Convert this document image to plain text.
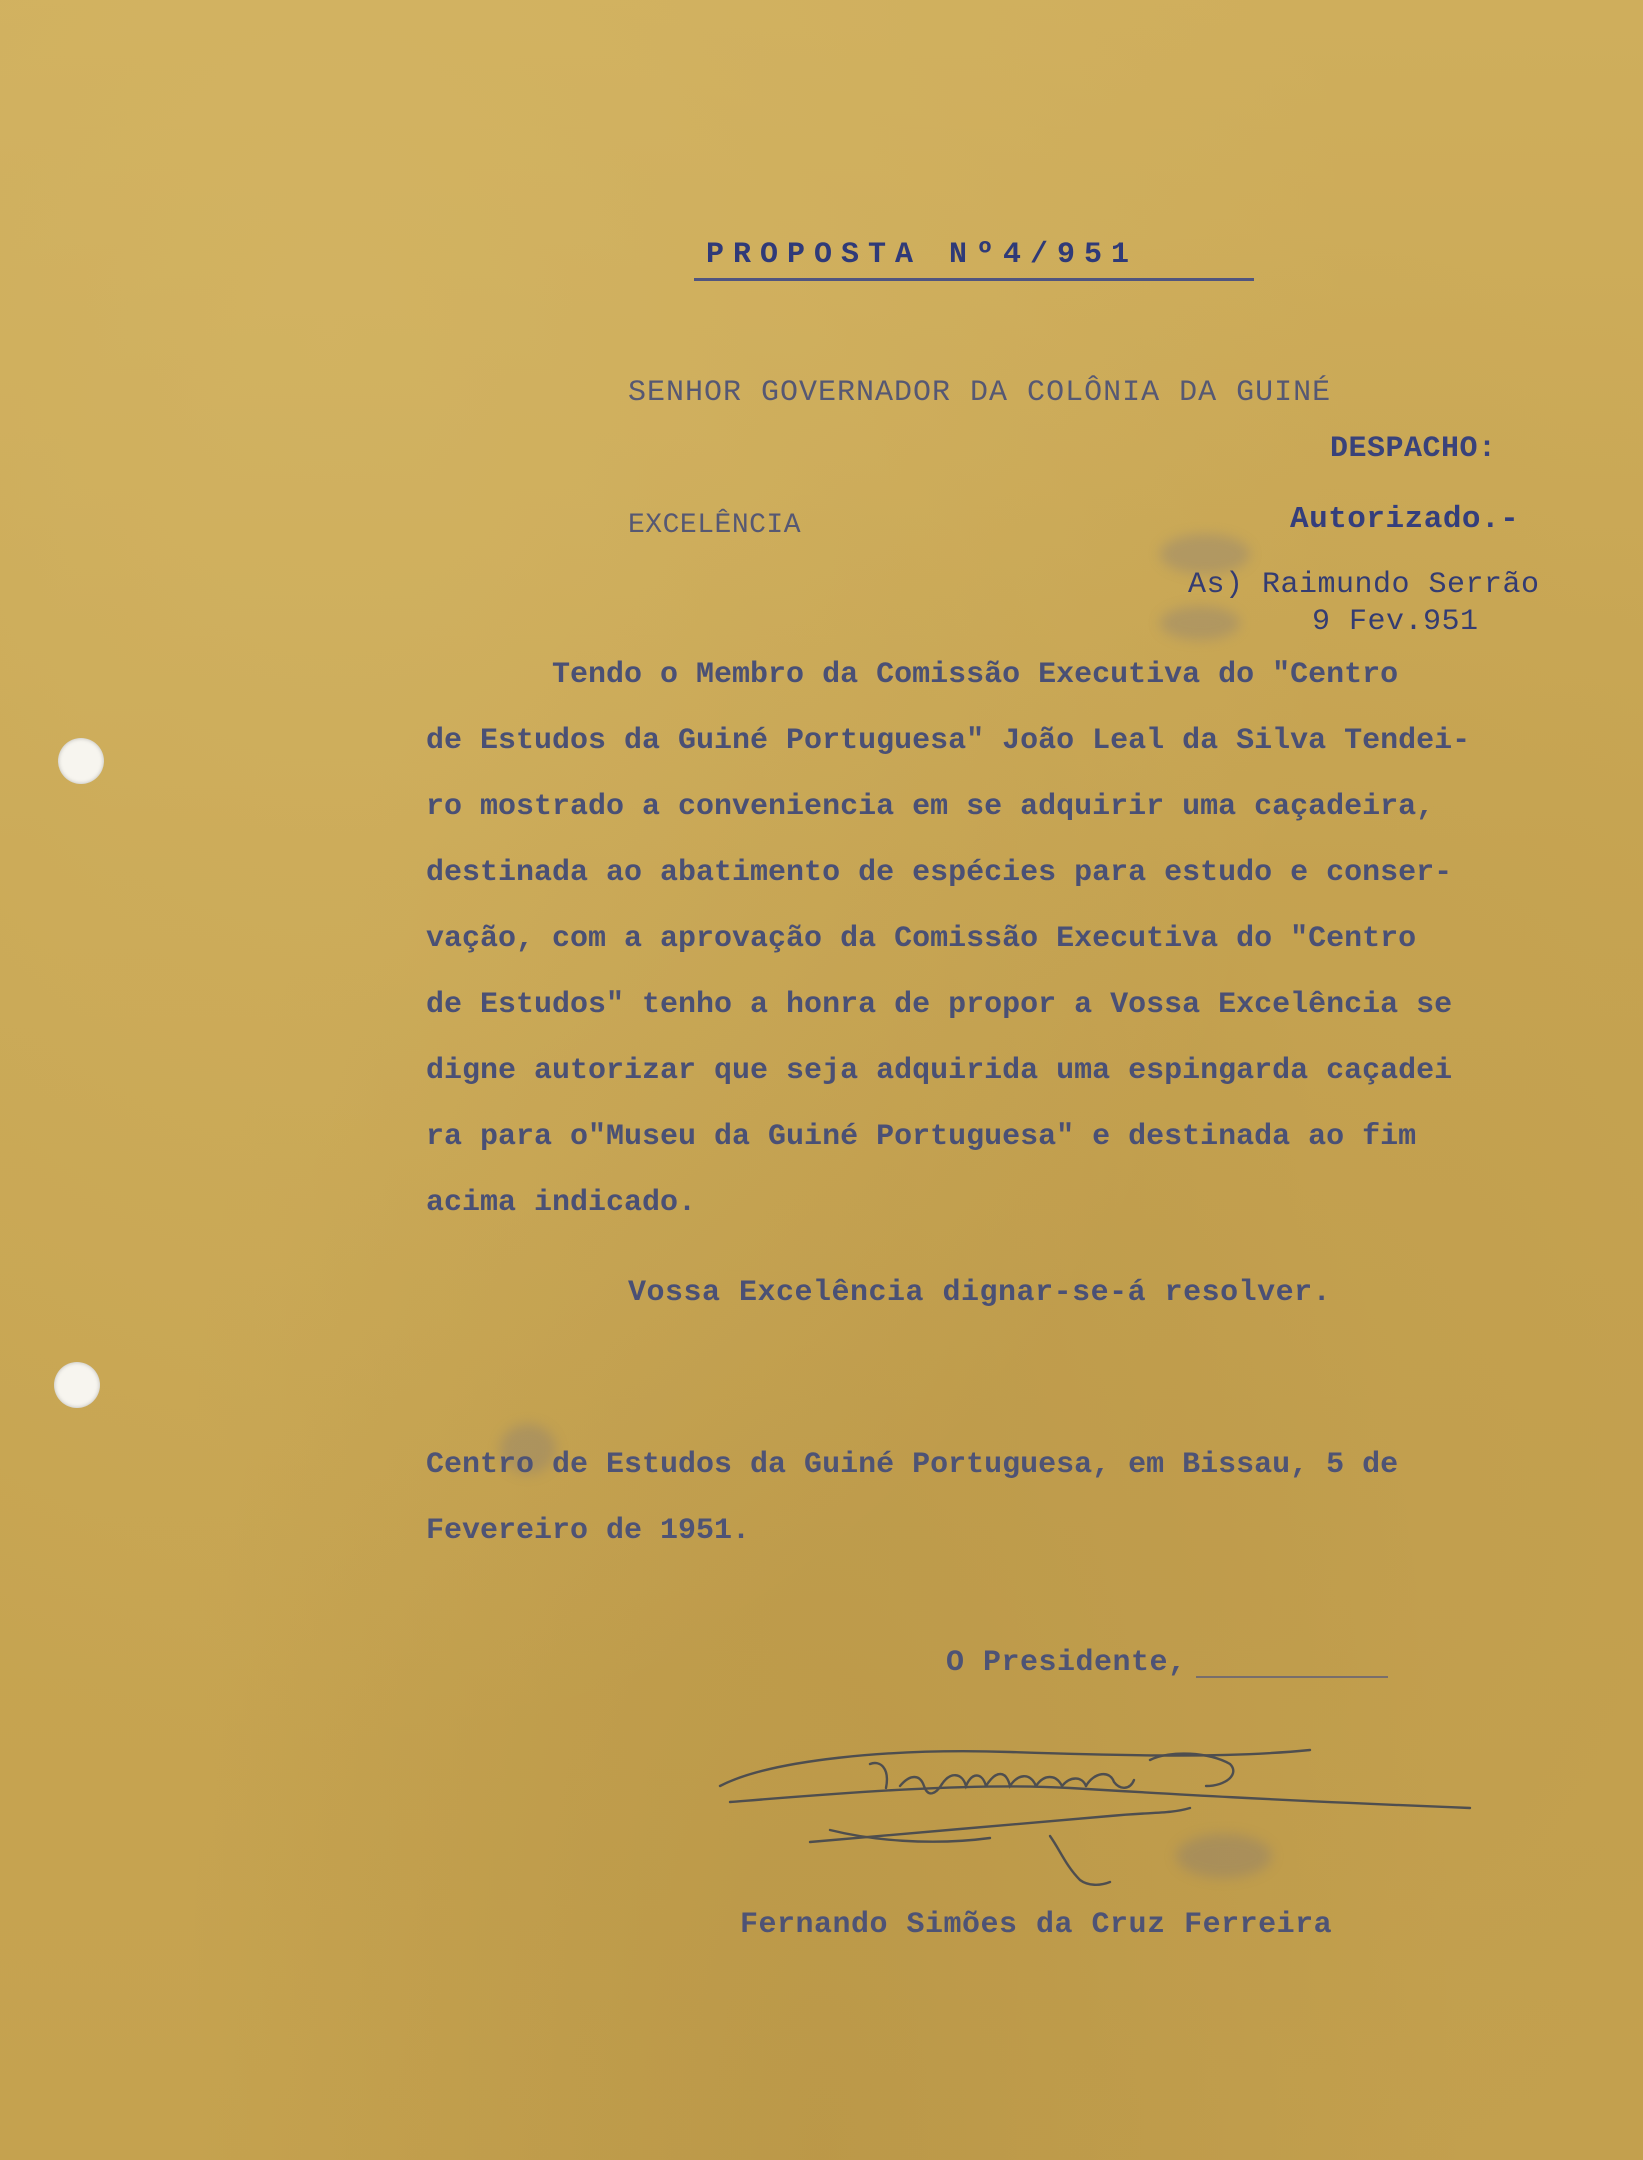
PROPOSTA Nº4/951
SENHOR GOVERNADOR DA COLÔNIA DA GUINÉ
DESPACHO:
EXCELÊNCIA	Autorizado.-
As) Raimundo Serrão
9 Fev.951
Tendo o Membro da Comissão Executiva do "Centro
de Estudos da Guiné Portuguesa" João Leal da Silva Tendei-
ro mostrado a conveniencia em se adquirir uma caçadeira,
destinada ao abatimento de espécies para estudo e conser-
vação, com a aprovação da Comissão Executiva do "Centro
de Estudos" tenho a honra de propor a Vossa Excelência se
digne autorizar que seja adquirida uma espingarda caçadei
ra para o"Museu da Guiné Portuguesa" e destinada ao fim
acima indicado.
Vossa Excelência dignar-se-á resolver.
Centro de Estudos da Guiné Portuguesa, em Bissau, 5 de
Fevereiro de 1951.
O Presidente,
Fernando Simões da Cruz Ferreira
